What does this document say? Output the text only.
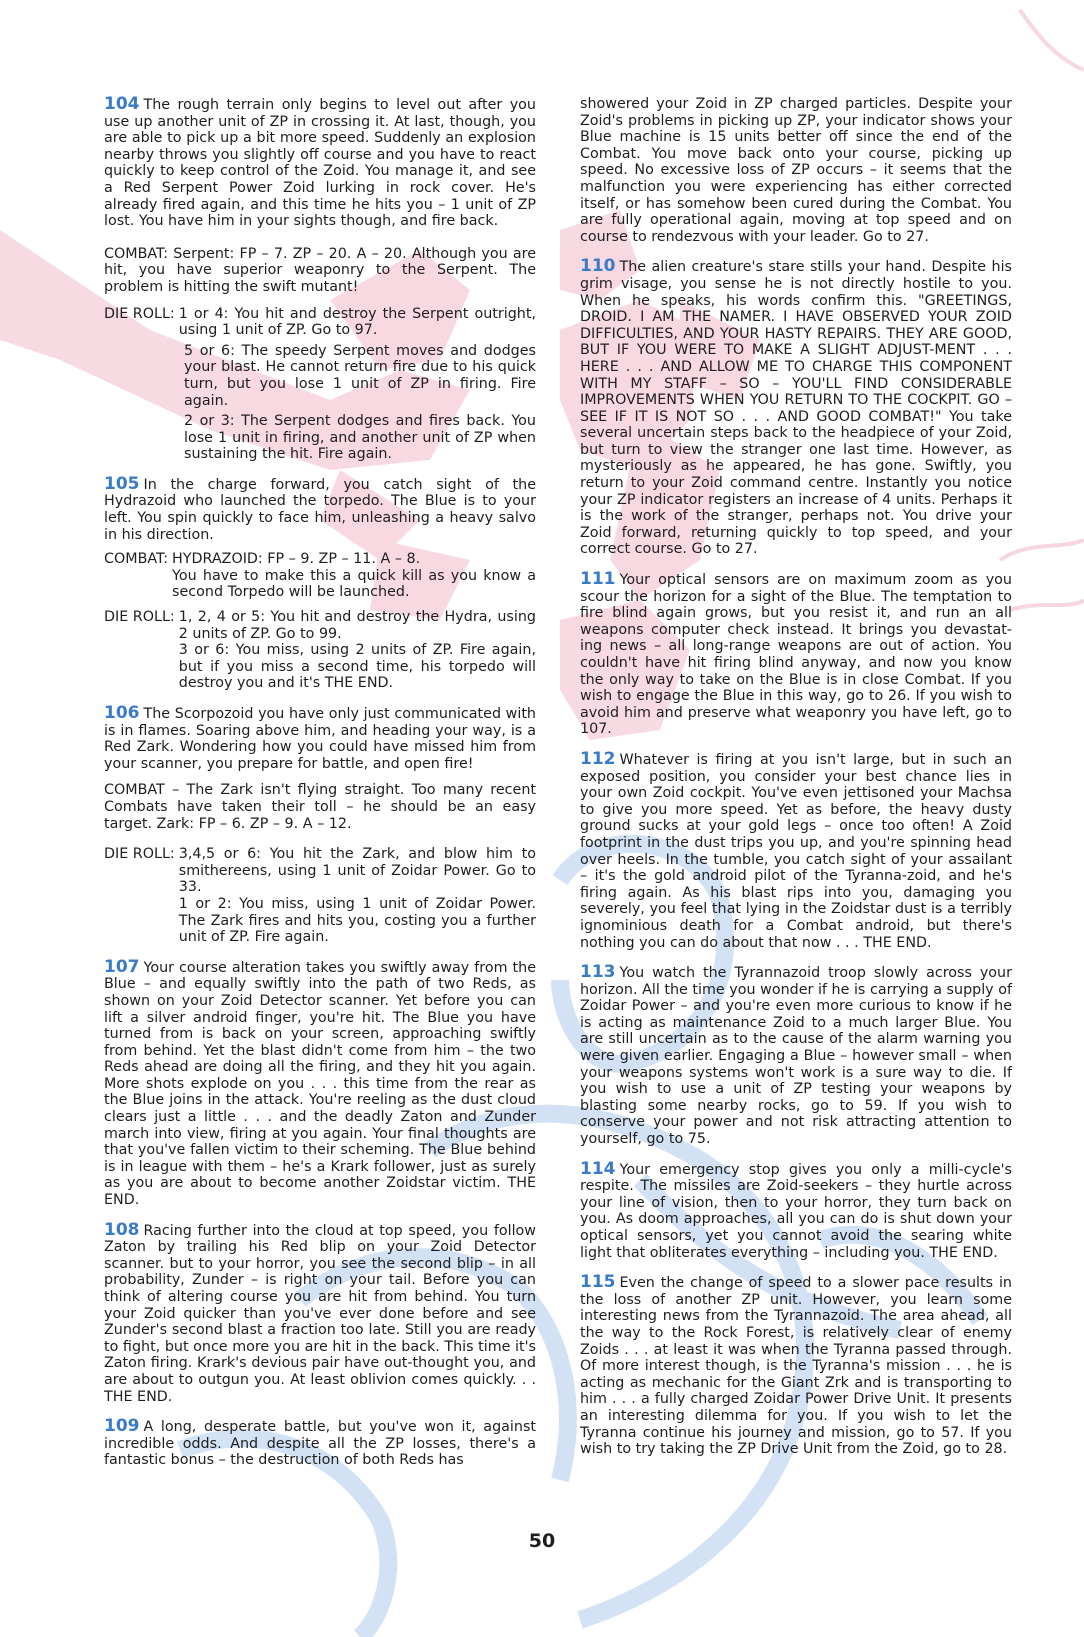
104 The rough terrain only begins to level out after you use up another unit of ZP in crossing it. At last, though, you are able to pick up a bit more speed. Suddenly an explosion nearby throws you slightly off course and you have to react quickly to keep control of the Zoid. You manage it, and see a Red Serpent Power Zoid lurking in rock cover. He's already fired again, and this time he hits you – 1 unit of ZP lost. You have him in your sights though, and fire back.

COMBAT: Serpent: FP – 7. ZP – 20. A – 20. Although you are hit, you have superior weaponry to the Serpent. The problem is hitting the swift mutant!

DIE ROLL: 1 or 4: You hit and destroy the Serpent outright, using 1 unit of ZP. Go to 97.

5 or 6: The speedy Serpent moves and dodges your blast. He cannot return fire due to his quick turn, but you lose 1 unit of ZP in firing. Fire again.

2 or 3: The Serpent dodges and fires back. You lose 1 unit in firing, and another unit of ZP when sustaining the hit. Fire again.

105 In the charge forward, you catch sight of the Hydrazoid who launched the torpedo. The Blue is to your left. You spin quickly to face him, unleashing a heavy salvo in his direction.

COMBAT: HYDRAZOID: FP – 9. ZP – 11. A – 8.

You have to make this a quick kill as you know a second Torpedo will be launched.

DIE ROLL: 1, 2, 4 or 5: You hit and destroy the Hydra, using 2 units of ZP. Go to 99.

3 or 6: You miss, using 2 units of ZP. Fire again, but if you miss a second time, his torpedo will destroy you and it's THE END.

106 The Scorpozoid you have only just communicated with is in flames. Soaring above him, and heading your way, is a Red Zark. Wondering how you could have missed him from your scanner, you prepare for battle, and open fire!

COMBAT – The Zark isn't flying straight. Too many recent Combats have taken their toll – he should be an easy target. Zark: FP – 6. ZP – 9. A – 12.

DIE ROLL: 3,4,5 or 6: You hit the Zark, and blow him to smithereens, using 1 unit of Zoidar Power. Go to 33.

1 or 2: You miss, using 1 unit of Zoidar Power. The Zark fires and hits you, costing you a further unit of ZP. Fire again.

107 Your course alteration takes you swiftly away from the Blue – and equally swiftly into the path of two Reds, as shown on your Zoid Detector scanner. Yet before you can lift a silver android finger, you're hit. The Blue you have turned from is back on your screen, approaching swiftly from behind. Yet the blast didn't come from him – the two Reds ahead are doing all the firing, and they hit you again. More shots explode on you . . . this time from the rear as the Blue joins in the attack. You're reeling as the dust cloud clears just a little . . . and the deadly Zaton and Zunder march into view, firing at you again. Your final thoughts are that you've fallen victim to their scheming. The Blue behind is in league with them – he's a Krark follower, just as surely as you are about to become another Zoidstar victim. THE END.

108 Racing further into the cloud at top speed, you follow Zaton by trailing his Red blip on your Zoid Detector scanner. but to your horror, you see the second blip – in all probability, Zunder – is right on your tail. Before you can think of altering course you are hit from behind. You turn your Zoid quicker than you've ever done before and see Zunder's second blast a fraction too late. Still you are ready to fight, but once more you are hit in the back. This time it's Zaton firing. Krark's devious pair have out-thought you, and are about to outgun you. At least oblivion comes quickly. . . THE END.

109 A long, desperate battle, but you've won it, against incredible odds. And despite all the ZP losses, there's a fantastic bonus – the destruction of both Reds has

showered your Zoid in ZP charged particles. Despite your Zoid's problems in picking up ZP, your indicator shows your Blue machine is 15 units better off since the end of the Combat. You move back onto your course, picking up speed. No excessive loss of ZP occurs – it seems that the malfunction you were experiencing has either corrected itself, or has somehow been cured during the Combat. You are fully operational again, moving at top speed and on course to rendezvous with your leader. Go to 27.

110 The alien creature's stare stills your hand. Despite his grim visage, you sense he is not directly hostile to you. When he speaks, his words confirm this. "GREETINGS, DROID. I AM THE NAMER. I HAVE OBSERVED YOUR ZOID DIFFICULTIES, AND YOUR HASTY REPAIRS. THEY ARE GOOD, BUT IF YOU WERE TO MAKE A SLIGHT ADJUST-MENT . . . HERE . . . AND ALLOW ME TO CHARGE THIS COMPONENT WITH MY STAFF – SO – YOU'LL FIND CONSIDERABLE IMPROVEMENTS WHEN YOU RETURN TO THE COCKPIT. GO – SEE IF IT IS NOT SO . . . AND GOOD COMBAT!" You take several uncertain steps back to the headpiece of your Zoid, but turn to view the stranger one last time. However, as mysteriously as he appeared, he has gone. Swiftly, you return to your Zoid command centre. Instantly you notice your ZP indicator registers an increase of 4 units. Perhaps it is the work of the stranger, perhaps not. You drive your Zoid forward, returning quickly to top speed, and your correct course. Go to 27.

111 Your optical sensors are on maximum zoom as you scour the horizon for a sight of the Blue. The temptation to fire blind again grows, but you resist it, and run an all weapons computer check instead. It brings you devastat-ing news – all long-range weapons are out of action. You couldn't have hit firing blind anyway, and now you know the only way to take on the Blue is in close Combat. If you wish to engage the Blue in this way, go to 26. If you wish to avoid him and preserve what weaponry you have left, go to 107.

112 Whatever is firing at you isn't large, but in such an exposed position, you consider your best chance lies in your own Zoid cockpit. You've even jettisoned your Machsa to give you more speed. Yet as before, the heavy dusty ground sucks at your gold legs – once too often! A Zoid footprint in the dust trips you up, and you're spinning head over heels. In the tumble, you catch sight of your assailant – it's the gold android pilot of the Tyranna-zoid, and he's firing again. As his blast rips into you, damaging you severely, you feel that lying in the Zoidstar dust is a terribly ignominious death for a Combat android, but there's nothing you can do about that now . . . THE END.

113 You watch the Tyrannazoid troop slowly across your horizon. All the time you wonder if he is carrying a supply of Zoidar Power – and you're even more curious to know if he is acting as maintenance Zoid to a much larger Blue. You are still uncertain as to the cause of the alarm warning you were given earlier. Engaging a Blue – however small – when your weapons systems won't work is a sure way to die. If you wish to use a unit of ZP testing your weapons by blasting some nearby rocks, go to 59. If you wish to conserve your power and not risk attracting attention to yourself, go to 75.

114 Your emergency stop gives you only a milli-cycle's respite. The missiles are Zoid-seekers – they hurtle across your line of vision, then to your horror, they turn back on you. As doom approaches, all you can do is shut down your optical sensors, yet you cannot avoid the searing white light that obliterates everything – including you. THE END.

115 Even the change of speed to a slower pace results in the loss of another ZP unit. However, you learn some interesting news from the Tyrannazoid. The area ahead, all the way to the Rock Forest, is relatively clear of enemy Zoids . . . at least it was when the Tyranna passed through. Of more interest though, is the Tyranna's mission . . . he is acting as mechanic for the Giant Zrk and is transporting to him . . . a fully charged Zoidar Power Drive Unit. It presents an interesting dilemma for you. If you wish to let the Tyranna continue his journey and mission, go to 57. If you wish to try taking the ZP Drive Unit from the Zoid, go to 28.

50
